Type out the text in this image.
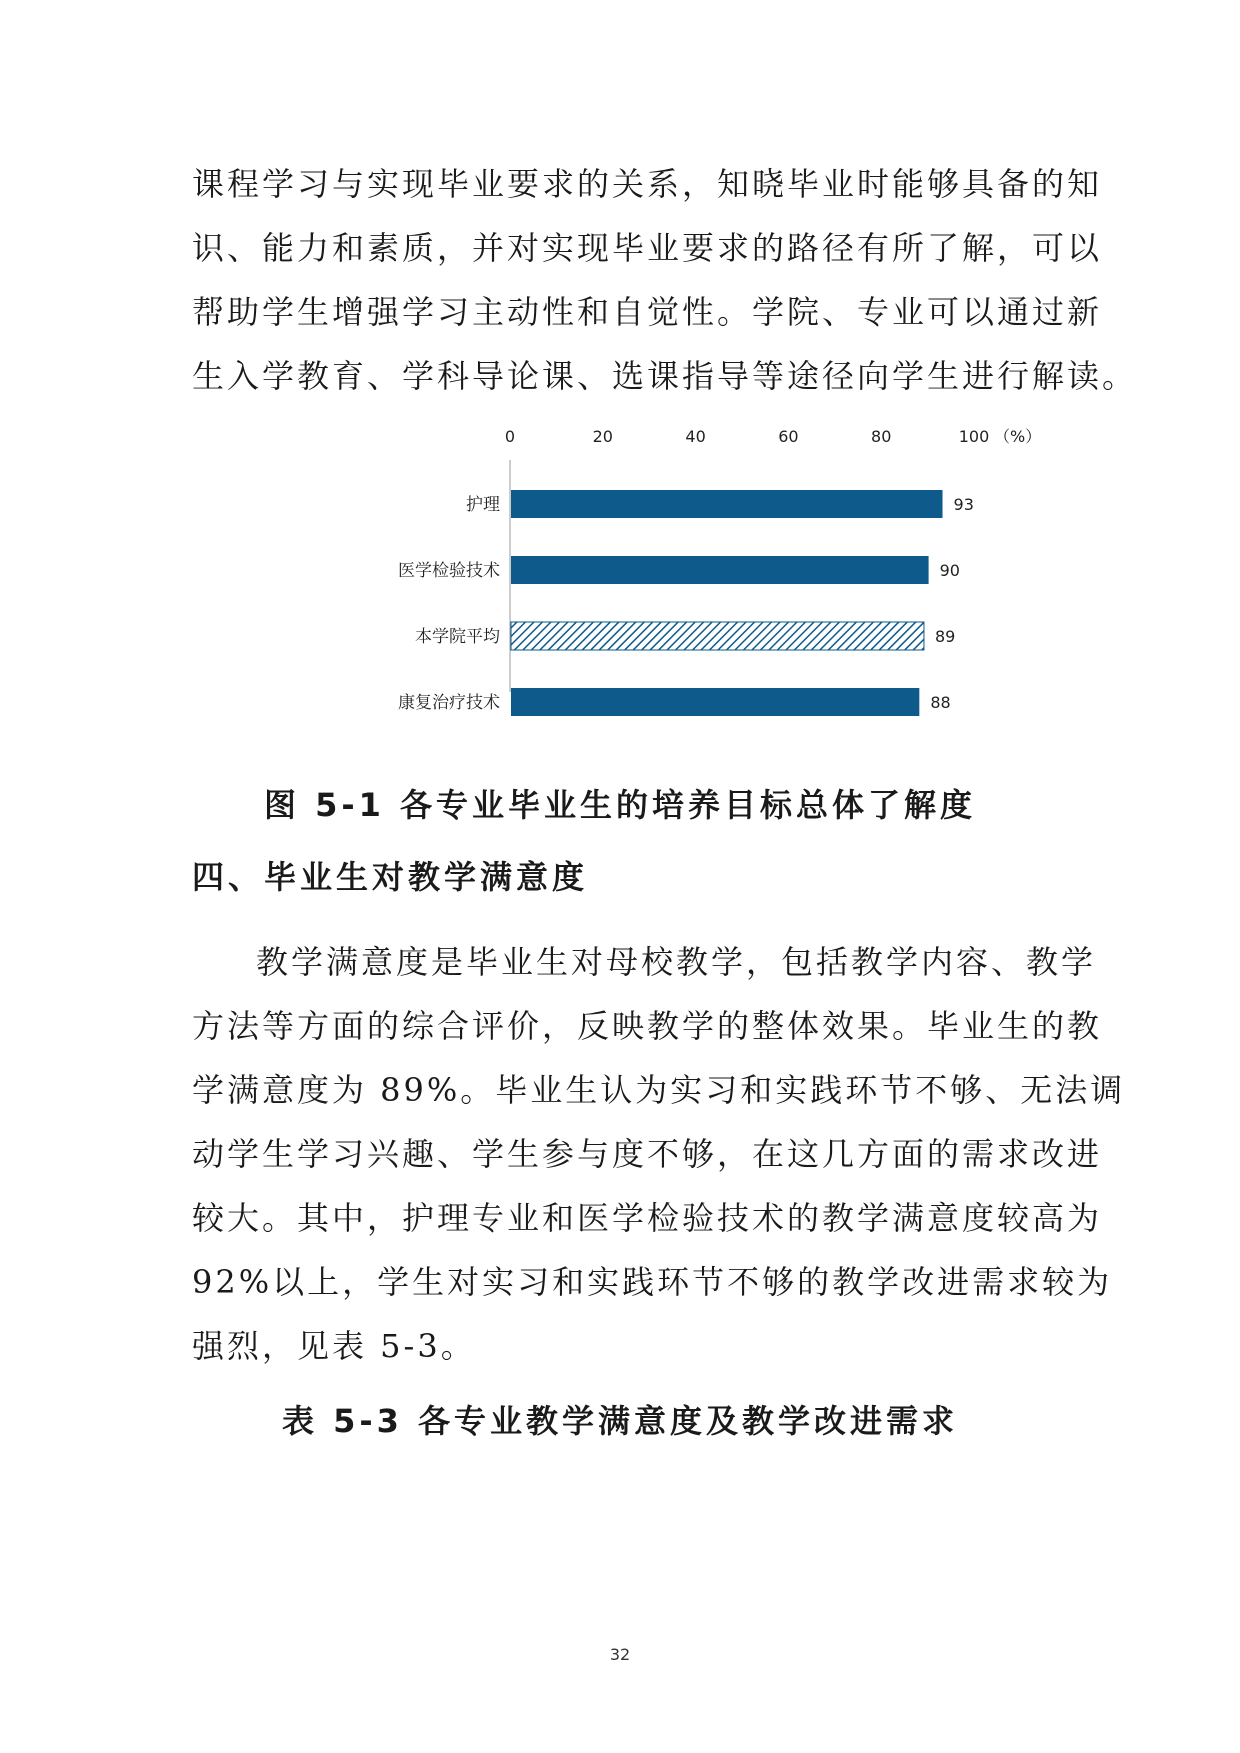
课程学习与实现毕业要求的关系，知晓毕业时能够具备的知
识、能力和素质，并对实现毕业要求的路径有所了解，可以
帮助学生增强学习主动性和自觉性。学院、专业可以通过新
生入学教育、学科导论课、选课指导等途径向学生进行解读。
0	20	40	60	80	100 （%）
护理	93
医学检验技术	90
本学院平均	89
康复治疗技术	88
图 5-1 各专业毕业生的培养目标总体了解度
四、毕业生对教学满意度
教学满意度是毕业生对母校教学，包括教学内容、教学
方法等方面的综合评价，反映教学的整体效果。毕业生的教
学满意度为 89%。毕业生认为实习和实践环节不够、无法调
动学生学习兴趣、学生参与度不够，在这几方面的需求改进
较大。其中，护理专业和医学检验技术的教学满意度较高为
92%以上，学生对实习和实践环节不够的教学改进需求较为
强烈，见表 5-3。
表 5-3 各专业教学满意度及教学改进需求
32
